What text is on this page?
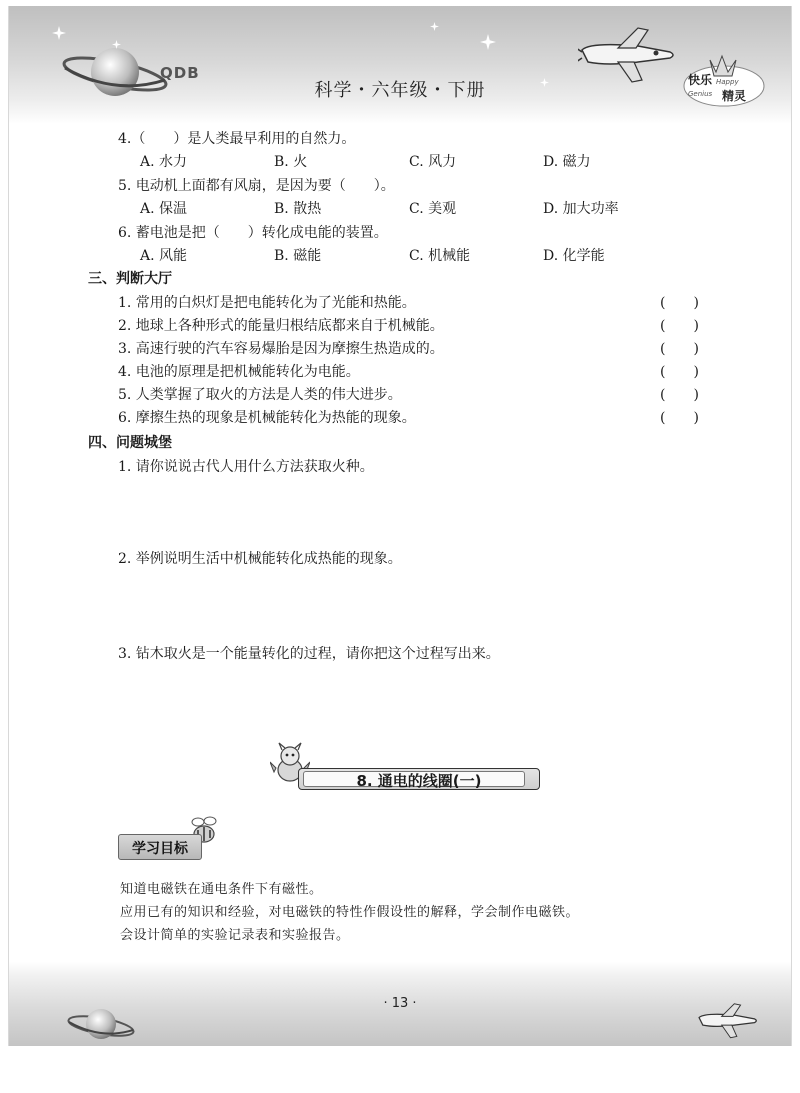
快乐
精灵
Happy
Genius
QDB
科学・六年级・下册
4.（　　）是人类最早利用的自然力。
A. 水力	B. 火	C. 风力	D. 磁力
5. 电动机上面都有风扇，是因为要（　　）。
A. 保温	B. 散热	C. 美观	D. 加大功率
6. 蓄电池是把（　　）转化成电能的装置。
A. 风能	B. 磁能	C. 机械能	D. 化学能
三、判断大厅
1. 常用的白炽灯是把电能转化为了光能和热能。	(　　)
2. 地球上各种形式的能量归根结底都来自于机械能。	(　　)
3. 高速行驶的汽车容易爆胎是因为摩擦生热造成的。	(　　)
4. 电池的原理是把机械能转化为电能。	(　　)
5. 人类掌握了取火的方法是人类的伟大进步。	(　　)
6. 摩擦生热的现象是机械能转化为热能的现象。	(　　)
四、问题城堡
1. 请你说说古代人用什么方法获取火种。
2. 举例说明生活中机械能转化成热能的现象。
3. 钻木取火是一个能量转化的过程，请你把这个过程写出来。
8. 通电的线圈(一)
学习目标
知道电磁铁在通电条件下有磁性。
应用已有的知识和经验，对电磁铁的特性作假设性的解释，学会制作电磁铁。
会设计简单的实验记录表和实验报告。
· 13 ·
